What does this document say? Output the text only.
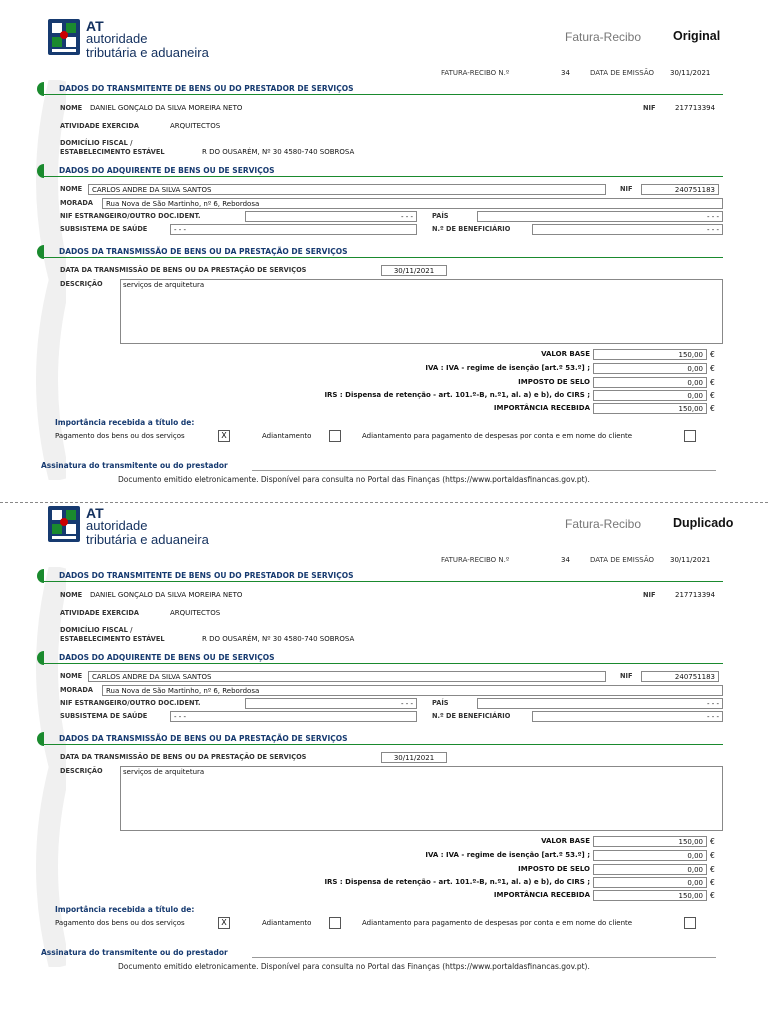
AT
autoridade
tributária e aduaneira
Fatura-Recibo	Original
FATURA-RECIBO N.º	34	DATA DE EMISSÃO 30/11/2021
DADOS DO TRANSMITENTE DE BENS OU DO PRESTADOR DE SERVIÇOS
NOME DANIEL GONÇALO DA SILVA MOREIRA NETO	NIF	217713394
ATIVIDADE EXERCIDA	ARQUITECTOS
DOMICÍLIO FISCAL /
ESTABELECIMENTO ESTÁVEL	R DO OUSARÉM, Nº 30 4580-740 SOBROSA
DADOS DO ADQUIRENTE DE BENS OU DE SERVIÇOS
NOME	CARLOS ANDRE DA SILVA SANTOS	NIF	240751183
MORADA	Rua Nova de São Martinho, nº 6, Rebordosa
NIF ESTRANGEIRO/OUTRO DOC.IDENT.	- - -	PAÍS	- - -
SUBSISTEMA DE SAÚDE	- - -	N.º DE BENEFICIÁRIO	- - -
DADOS DA TRANSMISSÃO DE BENS OU DA PRESTAÇÃO DE SERVIÇOS
DATA DA TRANSMISSÃO DE BENS OU DA PRESTAÇÃO DE SERVIÇOS	30/11/2021
DESCRIÇÃO	serviços de arquitetura
VALOR BASE	150,00 €
IVA : IVA - regime de isenção [art.º 53.º] ;	0,00 €
IMPOSTO DE SELO	0,00 €
IRS : Dispensa de retenção - art. 101.º-B, n.º1, al. a) e b), do CIRS ;	0,00 €
IMPORTÂNCIA RECEBIDA	150,00 €
Importância recebida a título de:
Pagamento dos bens ou dos serviços	X	Adiantamento	Adiantamento para pagamento de despesas por conta e em nome do cliente
Assinatura do transmitente ou do prestador
Documento emitido eletronicamente. Disponível para consulta no Portal das Finanças (https://www.portaldasfinancas.gov.pt).
AT
autoridade
tributária e aduaneira
Fatura-Recibo	Duplicado
FATURA-RECIBO N.º	34	DATA DE EMISSÃO 30/11/2021
DADOS DO TRANSMITENTE DE BENS OU DO PRESTADOR DE SERVIÇOS
NOME DANIEL GONÇALO DA SILVA MOREIRA NETO	NIF	217713394
ATIVIDADE EXERCIDA	ARQUITECTOS
DOMICÍLIO FISCAL /
ESTABELECIMENTO ESTÁVEL	R DO OUSARÉM, Nº 30 4580-740 SOBROSA
DADOS DO ADQUIRENTE DE BENS OU DE SERVIÇOS
NOME	CARLOS ANDRE DA SILVA SANTOS	NIF	240751183
MORADA	Rua Nova de São Martinho, nº 6, Rebordosa
NIF ESTRANGEIRO/OUTRO DOC.IDENT.	- - -	PAÍS	- - -
SUBSISTEMA DE SAÚDE	- - -	N.º DE BENEFICIÁRIO	- - -
DADOS DA TRANSMISSÃO DE BENS OU DA PRESTAÇÃO DE SERVIÇOS
DATA DA TRANSMISSÃO DE BENS OU DA PRESTAÇÃO DE SERVIÇOS	30/11/2021
DESCRIÇÃO	serviços de arquitetura
VALOR BASE	150,00 €
IVA : IVA - regime de isenção [art.º 53.º] ;	0,00 €
IMPOSTO DE SELO	0,00 €
IRS : Dispensa de retenção - art. 101.º-B, n.º1, al. a) e b), do CIRS ;	0,00 €
IMPORTÂNCIA RECEBIDA	150,00 €
Importância recebida a título de:
Pagamento dos bens ou dos serviços	X	Adiantamento	Adiantamento para pagamento de despesas por conta e em nome do cliente
Assinatura do transmitente ou do prestador
Documento emitido eletronicamente. Disponível para consulta no Portal das Finanças (https://www.portaldasfinancas.gov.pt).
